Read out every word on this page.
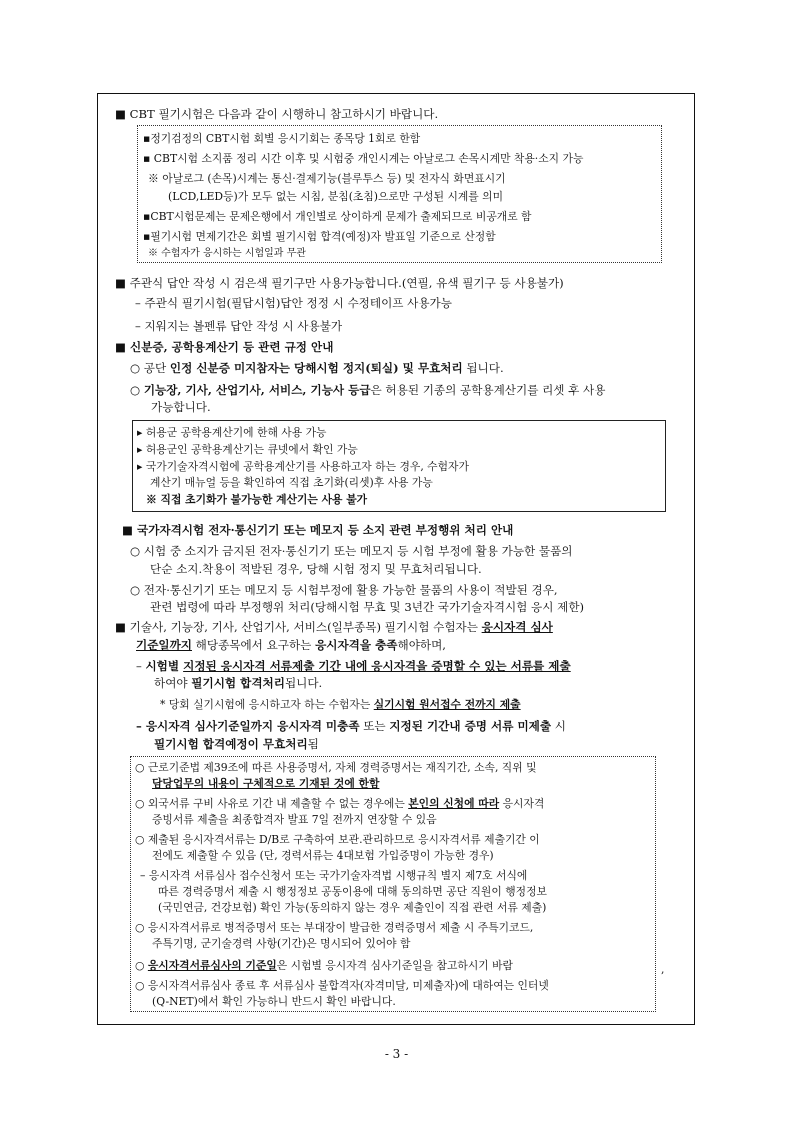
■ CBT 필기시험은 다음과 같이 시행하니 참고하시기 바랍니다.
▪정기검정의 CBT시험 회별 응시기회는 종목당 1회로 한함
▪ CBT시험 소지품 정리 시간 이후 및 시험중 개인시계는 아날로그 손목시계만 착용·소지 가능
※ 아날로그 (손목)시계는 통신·결제기능(블루투스 등) 및 전자식 화면표시기
(LCD,LED등)가 모두 없는 시침, 분침(초침)으로만 구성된 시계를 의미
▪CBT시험문제는 문제은행에서 개인별로 상이하게 문제가 출제되므로 비공개로 함
▪필기시험 면제기간은 회별 필기시험 합격(예정)자 발표일 기준으로 산정함
※ 수험자가 응시하는 시험일과 무관
■ 주관식 답안 작성 시 검은색 필기구만 사용가능합니다.(연필, 유색 필기구 등 사용불가)
– 주관식 필기시험(필답시험)답안 정정 시 수정테이프 사용가능
– 지워지는 볼펜류 답안 작성 시 사용불가
■ 신분증, 공학용계산기 등 관련 규정 안내
○ 공단 인정 신분증 미지참자는 당해시험 정지(퇴실) 및 무효처리 됩니다.
○ 기능장, 기사, 산업기사, 서비스, 기능사 등급은 허용된 기종의 공학용계산기를 리셋 후 사용
가능합니다.
▸ 허용군 공학용계산기에 한해 사용 가능
▸ 허용군인 공학용계산기는 큐넷에서 확인 가능
▸ 국가기술자격시험에 공학용계산기를 사용하고자 하는 경우, 수험자가
계산기 매뉴얼 등을 확인하여 직접 초기화(리셋)후 사용 가능
※ 직접 초기화가 불가능한 계산기는 사용 불가
■ 국가자격시험 전자·통신기기 또는 메모지 등 소지 관련 부정행위 처리 안내
○ 시험 중 소지가 금지된 전자·통신기기 또는 메모지 등 시험 부정에 활용 가능한 물품의
단순 소지.착용이 적발된 경우, 당해 시험 정지 및 무효처리됩니다.
○ 전자·통신기기 또는 메모지 등 시험부정에 활용 가능한 물품의 사용이 적발된 경우,
관련 법령에 따라 부정행위 처리(당해시험 무효 및 3년간 국가기술자격시험 응시 제한)
■ 기술사, 기능장, 기사, 산업기사, 서비스(일부종목) 필기시험 수험자는 응시자격 심사
기준일까지 해당종목에서 요구하는 응시자격을 충족해야하며,
– 시험별 지정된 응시자격 서류제출 기간 내에 응시자격을 증명할 수 있는 서류를 제출
하여야 필기시험 합격처리됩니다.
* 당회 실기시험에 응시하고자 하는 수험자는 실기시험 원서접수 전까지 제출
– 응시자격 심사기준일까지 응시자격 미충족 또는 지정된 기간내 증명 서류 미제출 시
필기시험 합격예정이 무효처리됨
○ 근로기준법 제39조에 따른 사용증명서, 자체 경력증명서는 재직기간, 소속, 직위 및
담당업무의 내용이 구체적으로 기재된 것에 한함
○ 외국서류 구비 사유로 기간 내 제출할 수 없는 경우에는 본인의 신청에 따라 응시자격
증빙서류 제출을 최종합격자 발표 7일 전까지 연장할 수 있음
○ 제출된 응시자격서류는 D/B로 구축하여 보관.관리하므로 응시자격서류 제출기간 이
전에도 제출할 수 있음 (단, 경력서류는 4대보험 가입증명이 가능한 경우)
– 응시자격 서류심사 접수신청서 또는 국가기술자격법 시행규칙 별지 제7호 서식에
따른 경력증명서 제출 시 행정정보 공동이용에 대해 동의하면 공단 직원이 행정정보
(국민연금, 건강보험) 확인 가능(동의하지 않는 경우 제출인이 직접 관련 서류 제출)
○ 응시자격서류로 병적증명서 또는 부대장이 발급한 경력증명서 제출 시 주특기코드,
주특기명, 군기술경력 사항(기간)은 명시되어 있어야 함
○ 응시자격서류심사의 기준일은 시험별 응시자격 심사기준일을 참고하시기 바람	,
○ 응시자격서류심사 종료 후 서류심사 불합격자(자격미달, 미제출자)에 대하여는 인터넷
(Q-NET)에서 확인 가능하니 반드시 확인 바랍니다.
- 3 -
